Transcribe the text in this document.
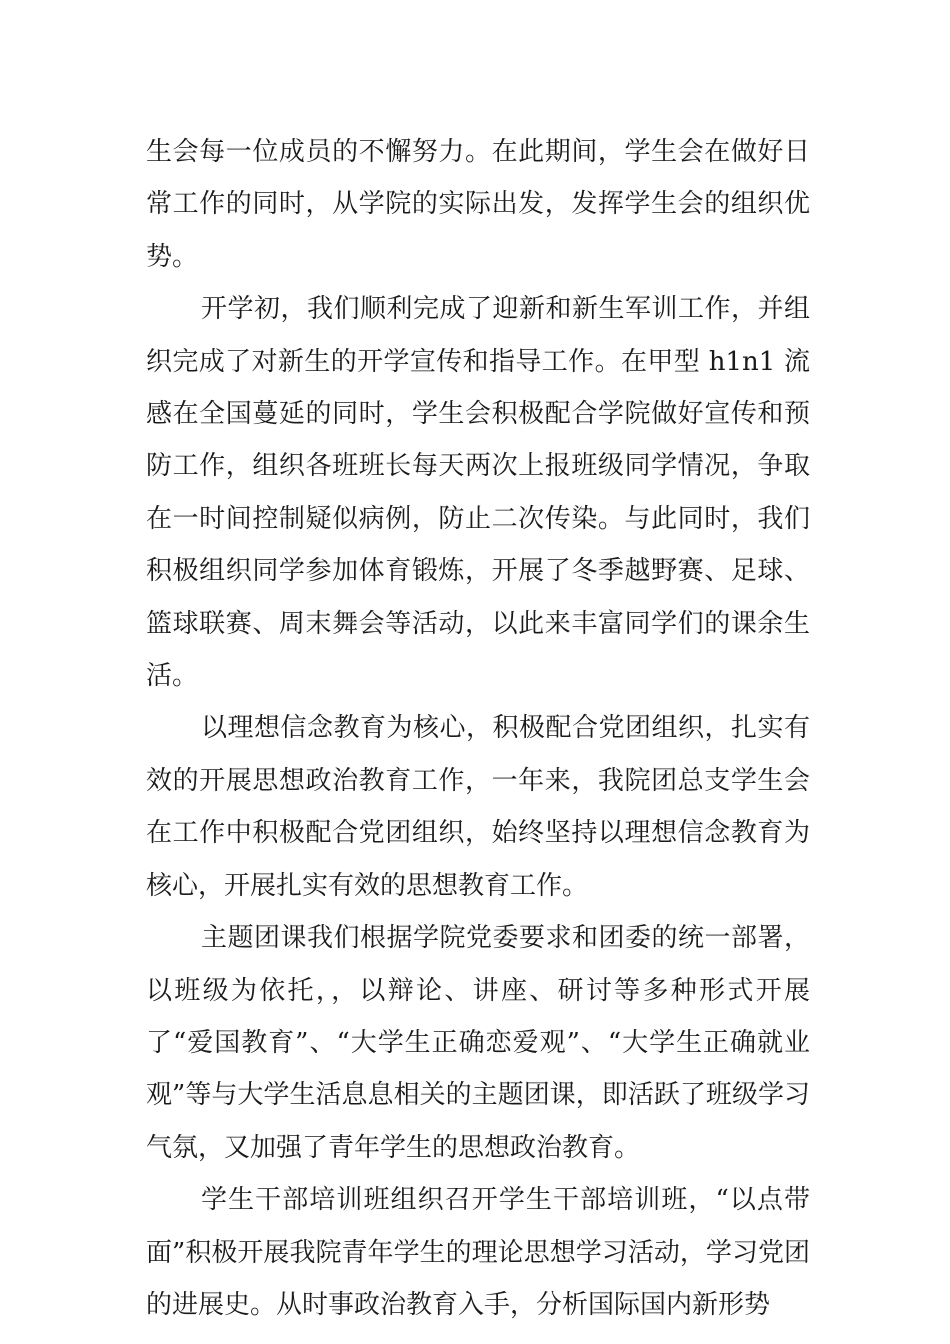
生会每一位成员的不懈努力。在此期间，学生会在做好日常工作的同时，从学院的实际出发，发挥学生会的组织优势。

开学初，我们顺利完成了迎新和新生军训工作，并组织完成了对新生的开学宣传和指导工作。在甲型 h1n1 流感在全国蔓延的同时，学生会积极配合学院做好宣传和预防工作，组织各班班长每天两次上报班级同学情况，争取在一时间控制疑似病例，防止二次传染。与此同时，我们积极组织同学参加体育锻炼，开展了冬季越野赛、足球、篮球联赛、周末舞会等活动，以此来丰富同学们的课余生活。

以理想信念教育为核心，积极配合党团组织，扎实有效的开展思想政治教育工作，一年来，我院团总支学生会在工作中积极配合党团组织，始终坚持以理想信念教育为核心，开展扎实有效的思想教育工作。

主题团课我们根据学院党委要求和团委的统一部署，以班级为依托，，以辩论、讲座、研讨等多种形式开展了“爱国教育”、“大学生正确恋爱观”、“大学生正确就业观”等与大学生活息息相关的主题团课，即活跃了班级学习气氛，又加强了青年学生的思想政治教育。

学生干部培训班组织召开学生干部培训班，“以点带面”积极开展我院青年学生的理论思想学习活动，学习党团的进展史。从时事政治教育入手，分析国际国内新形势
